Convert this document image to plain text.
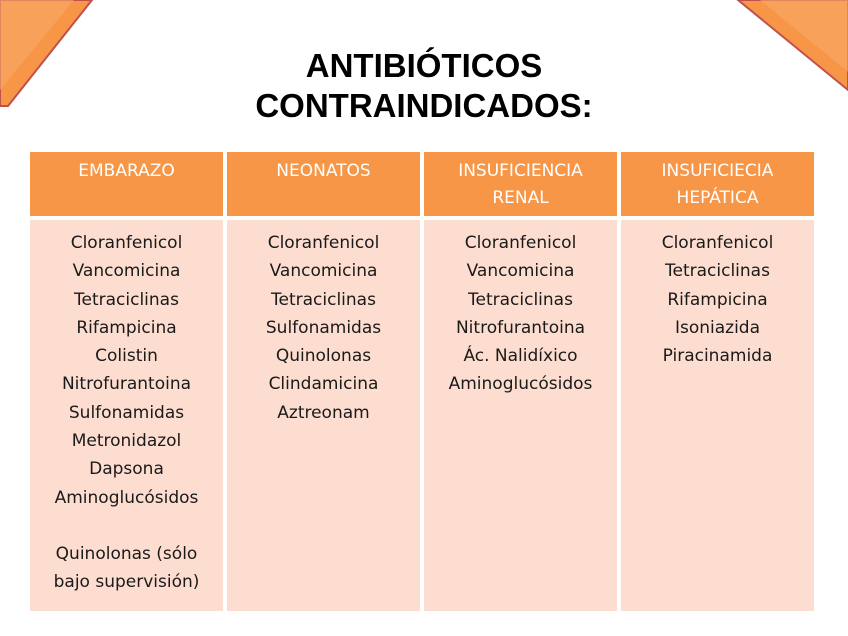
ANTIBIÓTICOS
CONTRAINDICADOS:
EMBARAZO	NEONATOS	INSUFICIENCIA
RENAL
INSUFICIECIA
HEPÁTICA
Cloranfenicol
Vancomicina
Tetraciclinas
Rifampicina
Colistin
Nitrofurantoina
Sulfonamidas
Metronidazol
Dapsona
Aminoglucósidos
Quinolonas (sólo
bajo supervisión)
Cloranfenicol
Vancomicina
Tetraciclinas
Sulfonamidas
Quinolonas
Clindamicina
Aztreonam
Cloranfenicol
Vancomicina
Tetraciclinas
Nitrofurantoina
Ác. Nalidíxico
Aminoglucósidos
Cloranfenicol
Tetraciclinas
Rifampicina
Isoniazida
Piracinamida
